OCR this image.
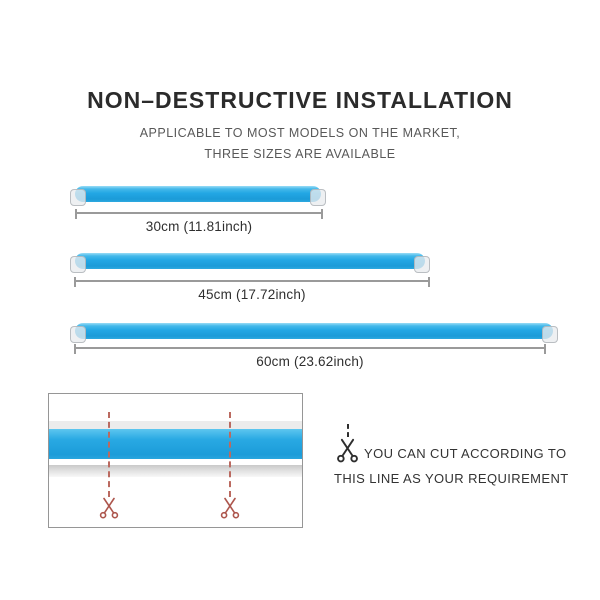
NON–DESTRUCTIVE INSTALLATION
APPLICABLE TO MOST MODELS ON THE MARKET,
THREE SIZES ARE AVAILABLE
30cm (11.81inch)
45cm (17.72inch)
60cm (23.62inch)
YOU CAN CUT ACCORDING TO
THIS LINE AS YOUR REQUIREMENT
